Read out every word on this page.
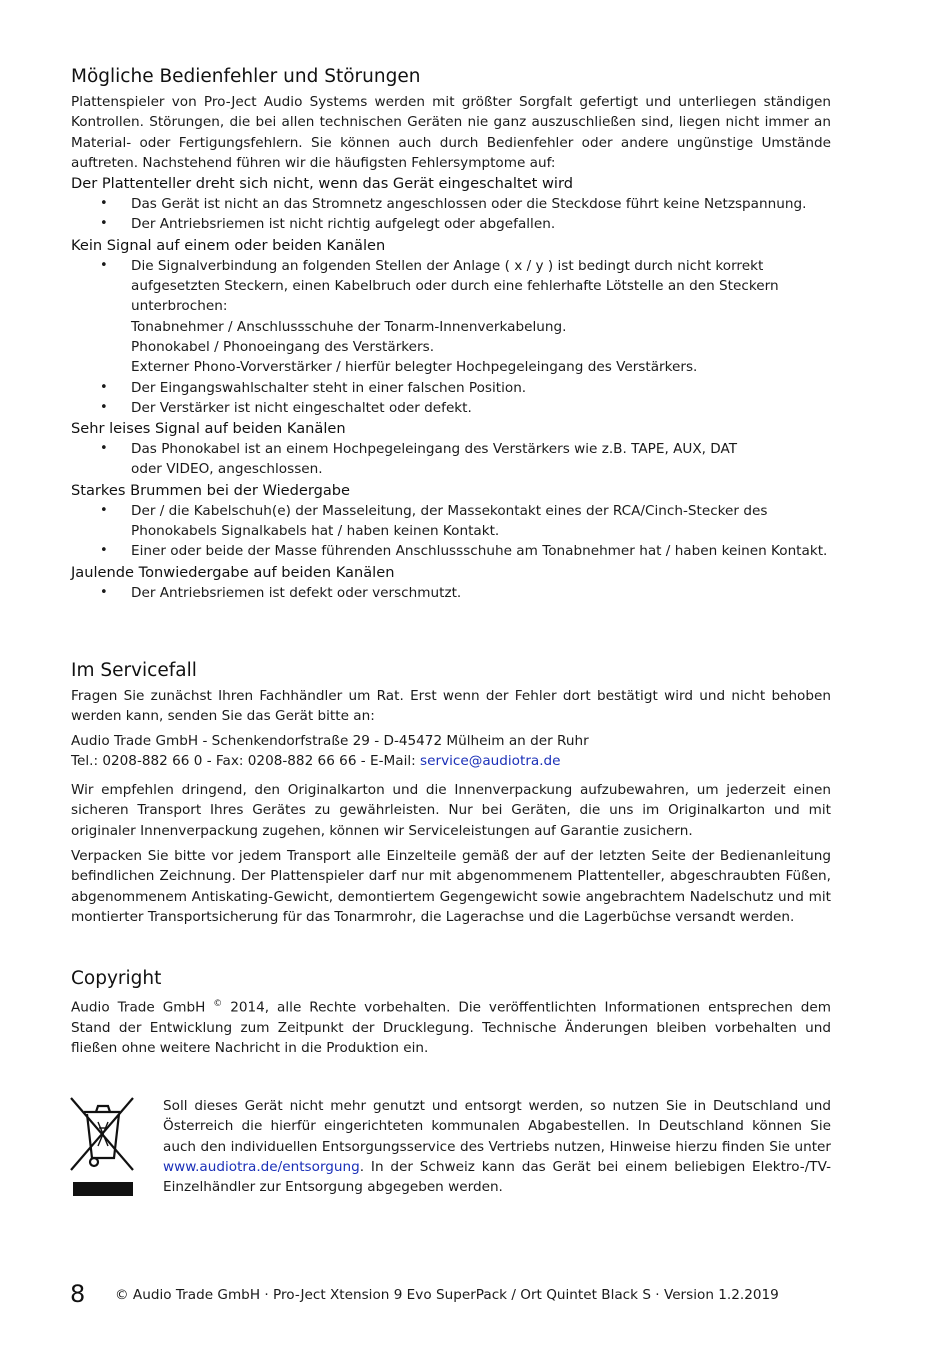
Mögliche Bedienfehler und Störungen

Plattenspieler von Pro-Ject Audio Systems werden mit größter Sorgfalt gefertigt und unterliegen ständigen Kontrollen. Störungen, die bei allen technischen Geräten nie ganz auszuschließen sind, liegen nicht immer an Material- oder Fertigungsfehlern. Sie können auch durch Bedienfehler oder andere ungünstige Umstände auftreten. Nachstehend führen wir die häufigsten Fehlersymptome auf:

Der Plattenteller dreht sich nicht, wenn das Gerät eingeschaltet wird
• Das Gerät ist nicht an das Stromnetz angeschlossen oder die Steckdose führt keine Netzspannung.
• Der Antriebsriemen ist nicht richtig aufgelegt oder abgefallen.
Kein Signal auf einem oder beiden Kanälen
• Die Signalverbindung an folgenden Stellen der Anlage ( x / y ) ist bedingt durch nicht korrekt
aufgesetzten Steckern, einen Kabelbruch oder durch eine fehlerhafte Lötstelle an den Steckern
unterbrochen:
Tonabnehmer / Anschlussschuhe der Tonarm-Innenverkabelung.
Phonokabel / Phonoeingang des Verstärkers.
Externer Phono-Vorverstärker / hierfür belegter Hochpegeleingang des Verstärkers.
• Der Eingangswahlschalter steht in einer falschen Position.
• Der Verstärker ist nicht eingeschaltet oder defekt.
Sehr leises Signal auf beiden Kanälen
• Das Phonokabel ist an einem Hochpegeleingang des Verstärkers wie z.B. TAPE, AUX, DAT
oder VIDEO, angeschlossen.
Starkes Brummen bei der Wiedergabe
• Der / die Kabelschuh(e) der Masseleitung, der Massekontakt eines der RCA/Cinch-Stecker des
Phonokabels Signalkabels hat / haben keinen Kontakt.
• Einer oder beide der Masse führenden Anschlussschuhe am Tonabnehmer hat / haben keinen Kontakt.
Jaulende Tonwiedergabe auf beiden Kanälen
• Der Antriebsriemen ist defekt oder verschmutzt.
Im Servicefall

Fragen Sie zunächst Ihren Fachhändler um Rat. Erst wenn der Fehler dort bestätigt wird und nicht behoben werden kann, senden Sie das Gerät bitte an:

Audio Trade GmbH - Schenkendorfstraße 29 - D-45472 Mülheim an der Ruhr

Tel.: 0208-882 66 0 - Fax: 0208-882 66 66 - E-Mail: service@audiotra.de

Wir empfehlen dringend, den Originalkarton und die Innenverpackung aufzubewahren, um jederzeit einen sicheren Transport Ihres Gerätes zu gewährleisten. Nur bei Geräten, die uns im Originalkarton und mit originaler Innenverpackung zugehen, können wir Serviceleistungen auf Garantie zusichern.

Verpacken Sie bitte vor jedem Transport alle Einzelteile gemäß der auf der letzten Seite der Bedienanleitung befindlichen Zeichnung. Der Plattenspieler darf nur mit abgenommenem Plattenteller, abgeschraubten Füßen, abgenommenem Antiskating-Gewicht, demontiertem Gegengewicht sowie angebrachtem Nadelschutz und mit montierter Transportsicherung für das Tonarmrohr, die Lagerachse und die Lagerbüchse versandt werden.

Copyright

Audio Trade GmbH © 2014, alle Rechte vorbehalten. Die veröffentlichten Informationen entsprechen dem Stand der Entwicklung zum Zeitpunkt der Drucklegung. Technische Änderungen bleiben vorbehalten und fließen ohne weitere Nachricht in die Produktion ein.

Soll dieses Gerät nicht mehr genutzt und entsorgt werden, so nutzen Sie in Deutschland und Österreich die hierfür eingerichteten kommunalen Abgabestellen. In Deutschland können Sie auch den individuellen Entsorgungsservice des Vertriebs nutzen, Hinweise hierzu finden Sie unter www.audiotra.de/entsorgung. In der Schweiz kann das Gerät bei einem beliebigen Elektro-/TV-Einzelhändler zur Entsorgung abgegeben werden.

8 © Audio Trade GmbH · Pro-Ject Xtension 9 Evo SuperPack / Ort Quintet Black S · Version 1.2.2019
